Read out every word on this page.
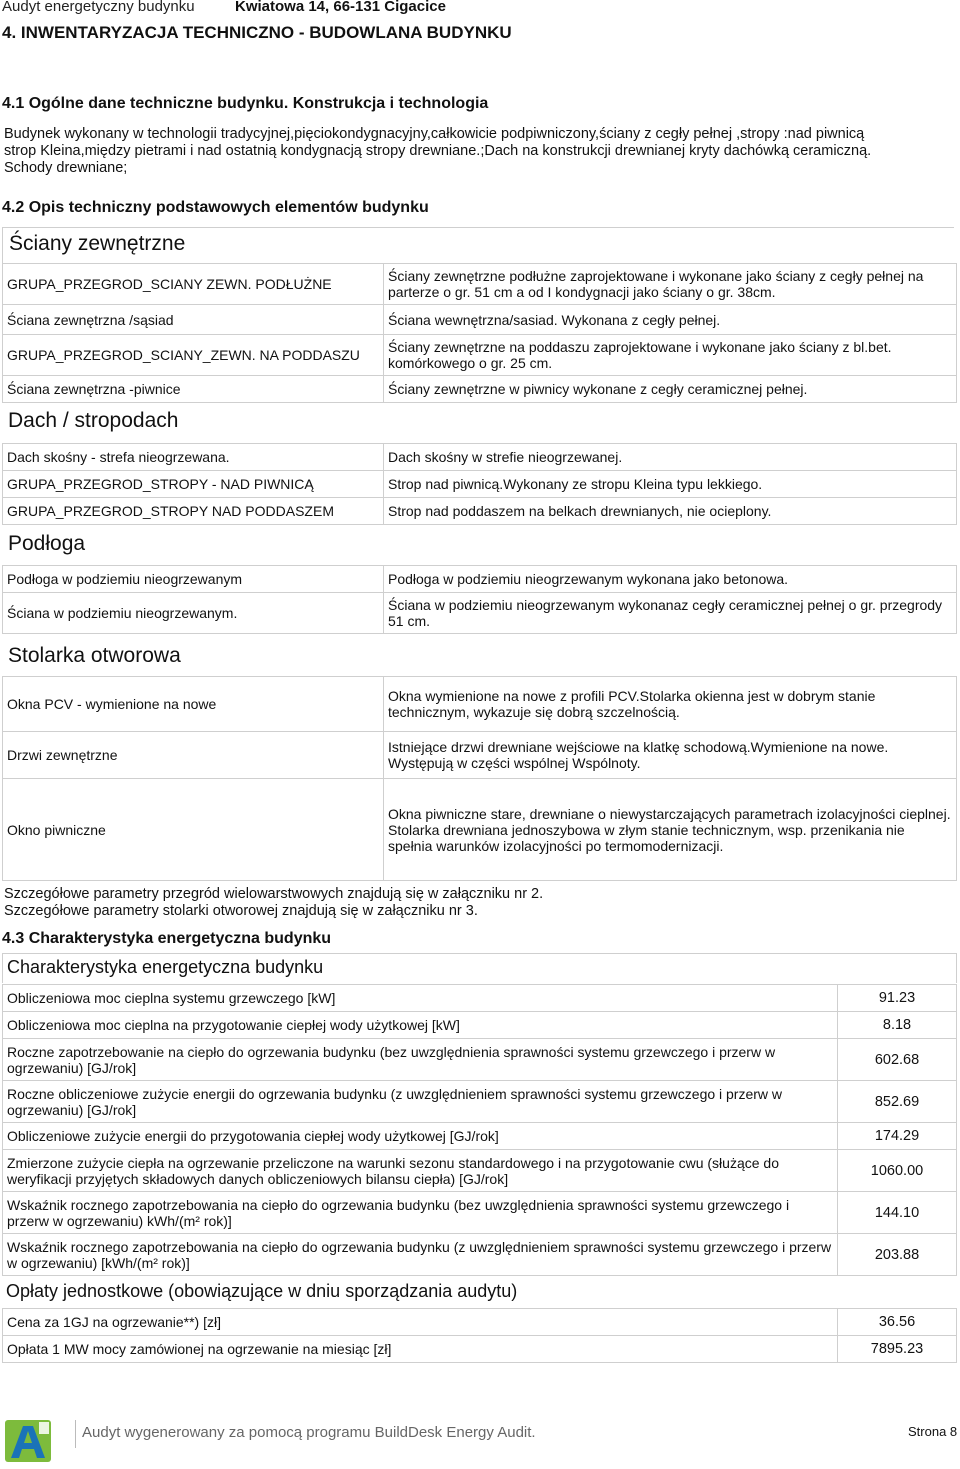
Audyt energetyczny budynku	Kwiatowa 14, 66-131 Cigacice
4. INWENTARYZACJA TECHNICZNO - BUDOWLANA BUDYNKU
4.1 Ogólne dane techniczne budynku. Konstrukcja i technologia
Budynek wykonany w technologii tradycyjnej,pięciokondygnacyjny,całkowicie podpiwniczony,ściany z cegły pełnej ,stropy :nad piwnicą
strop Kleina,między pietrami i nad ostatnią kondygnacją stropy drewniane.;Dach na konstrukcji drewnianej kryty dachówką ceramiczną.
Schody drewniane;
4.2 Opis techniczny podstawowych elementów budynku
Ściany zewnętrzne
GRUPA_PRZEGROD_SCIANY ZEWN. PODŁUŻNE	Ściany zewnętrzne podłużne zaprojektowane i wykonane jako ściany z cegły pełnej na parterze o gr. 51 cm a od I kondygnacji jako ściany o gr. 38cm.
Ściana zewnętrzna /sąsiad	Ściana wewnętrzna/sasiad. Wykonana z cegły pełnej.
GRUPA_PRZEGROD_SCIANY_ZEWN. NA PODDASZU	Ściany zewnętrzne na poddaszu zaprojektowane i wykonane jako ściany z bl.bet. komórkowego o gr. 25 cm.
Ściana zewnętrzna -piwnice	Ściany zewnętrzne w piwnicy wykonane z cegły ceramicznej pełnej.
Dach / stropodach
Dach skośny - strefa nieogrzewana.	Dach skośny w strefie nieogrzewanej.
GRUPA_PRZEGROD_STROPY - NAD PIWNICĄ	Strop nad piwnicą.Wykonany ze stropu Kleina typu lekkiego.
GRUPA_PRZEGROD_STROPY NAD PODDASZEM	Strop nad poddaszem na belkach drewnianych, nie ocieplony.
Podłoga
Podłoga w podziemiu nieogrzewanym	Podłoga w podziemiu nieogrzewanym wykonana jako betonowa.
Ściana w podziemiu nieogrzewanym.	Ściana w podziemiu nieogrzewanym wykonanaz cegły ceramicznej pełnej o gr. przegrody 51 cm.
Stolarka otworowa
Okna PCV - wymienione na nowe	Okna wymienione na nowe z profili PCV.Stolarka okienna jest w dobrym stanie technicznym, wykazuje się dobrą szczelnością.
Drzwi zewnętrzne	Istniejące drzwi drewniane wejściowe na klatkę schodową.Wymienione na nowe. Występują w części wspólnej Wspólnoty.
Okno piwniczne	Okna piwniczne stare, drewniane o niewystarczających parametrach izolacyjności cieplnej.
Stolarka drewniana jednoszybowa w złym stanie technicznym, wsp. przenikania nie spełnia warunków izolacyjności po termomodernizacji.
Szczegółowe parametry przegród wielowarstwowych znajdują się w załączniku nr 2.
Szczegółowe parametry stolarki otworowej znajdują się w załączniku nr 3.
4.3 Charakterystyka energetyczna budynku
Charakterystyka energetyczna budynku
Obliczeniowa moc cieplna systemu grzewczego [kW]	91.23
Obliczeniowa moc cieplna na przygotowanie ciepłej wody użytkowej [kW]	8.18
Roczne zapotrzebowanie na ciepło do ogrzewania budynku (bez uwzględnienia sprawności systemu grzewczego i przerw w ogrzewaniu) [GJ/rok]	602.68
Roczne obliczeniowe zużycie energii do ogrzewania budynku (z uwzględnieniem sprawności systemu grzewczego i przerw w ogrzewaniu) [GJ/rok]	852.69
Obliczeniowe zużycie energii do przygotowania ciepłej wody użytkowej [GJ/rok]	174.29
Zmierzone zużycie ciepła na ogrzewanie przeliczone na warunki sezonu standardowego i na przygotowanie cwu (służące do weryfikacji przyjętych składowych danych obliczeniowych bilansu ciepła) [GJ/rok]	1060.00
Wskaźnik rocznego zapotrzebowania na ciepło do ogrzewania budynku (bez uwzględnienia sprawności systemu grzewczego i przerw w ogrzewaniu) kWh/(m² rok)]	144.10
Wskaźnik rocznego zapotrzebowania na ciepło do ogrzewania budynku (z uwzględnieniem sprawności systemu grzewczego i przerw w ogrzewaniu) [kWh/(m² rok)]	203.88
Opłaty jednostkowe (obowiązujące w dniu sporządzania audytu)
Cena za 1GJ na ogrzewanie**) [zł]	36.56
Opłata 1 MW mocy zamówionej na ogrzewanie na miesiąc [zł]	7895.23
Audyt wygenerowany za pomocą programu BuildDesk Energy Audit.	Strona 8
